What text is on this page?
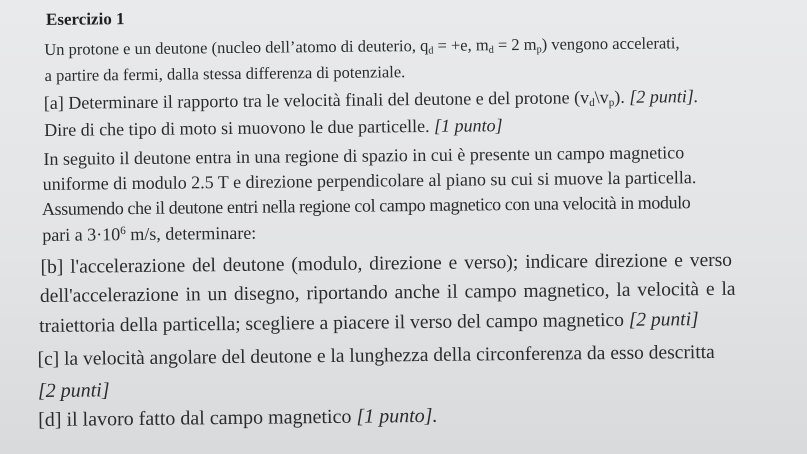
Esercizio 1
Un protone e un deutone (nucleo dell’atomo di deuterio, $q_d = +e$, $m_d = 2$ $m_p$) vengono accelerati,
a partire da fermi, dalla stessa differenza di potenziale.
[a] Determinare il rapporto tra le velocità finali del deutone e del protone $(v_d\backslash v_p)$. [2 punti].
Dire di che tipo di moto si muovono le due particelle. [1 punto]
In seguito il deutone entra in una regione di spazio in cui è presente un campo magnetico
uniforme di modulo 2.5 T e direzione perpendicolare al piano su cui si muove la particella.
Assumendo che il deutone entri nella regione col campo magnetico con una velocità in modulo
pari a $3\cdot 10^6$ m/s, determinare:
[b] l'accelerazione del deutone (modulo, direzione e verso); indicare direzione e verso
dell'accelerazione in un disegno, riportando anche il campo magnetico, la velocità e la
traiettoria della particella; scegliere a piacere il verso del campo magnetico [2 punti]
[c] la velocità angolare del deutone e la lunghezza della circonferenza da esso descritta
[2 punti]
[d] il lavoro fatto dal campo magnetico [1 punto].
